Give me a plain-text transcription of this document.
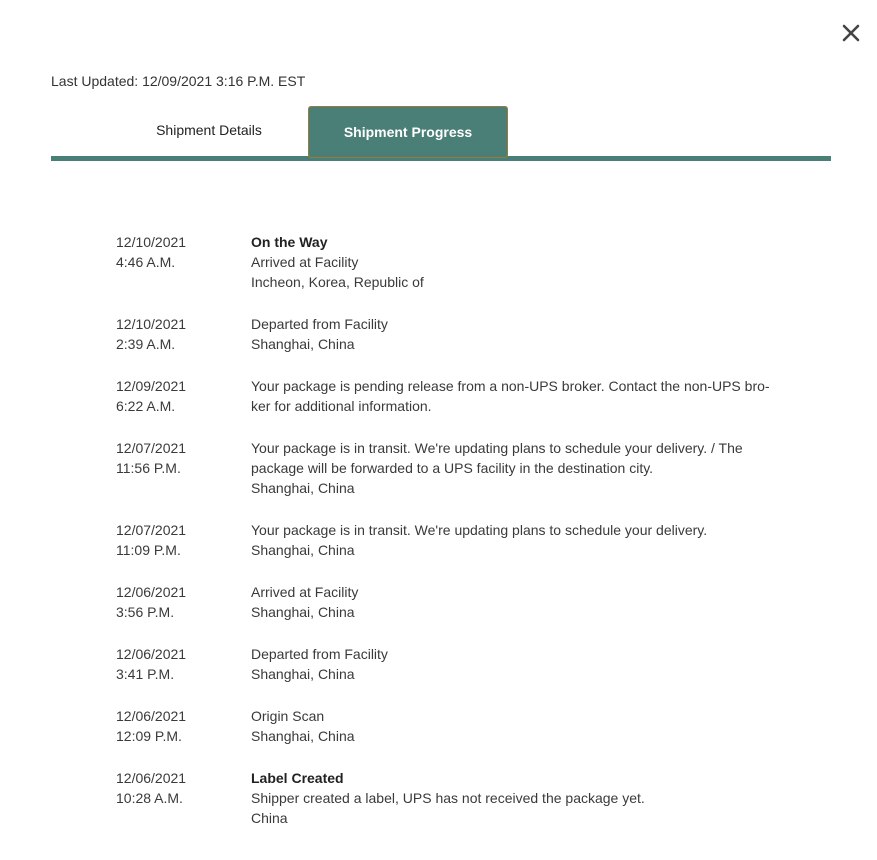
Last Updated: 12/09/2021 3:16 P.M. EST
Shipment Details	Shipment Progress
12/10/2021
4:46 A.M.
On the Way
Arrived at Facility
Incheon, Korea, Republic of
12/10/2021
2:39 A.M.
Departed from Facility
Shanghai, China
12/09/2021
6:22 A.M.
Your package is pending release from a non-UPS broker. Contact the non-UPS bro-
ker for additional information.
12/07/2021
11:56 P.M.
Your package is in transit. We're updating plans to schedule your delivery. / The
package will be forwarded to a UPS facility in the destination city.
Shanghai, China
12/07/2021
11:09 P.M.
Your package is in transit. We're updating plans to schedule your delivery.
Shanghai, China
12/06/2021
3:56 P.M.
Arrived at Facility
Shanghai, China
12/06/2021
3:41 P.M.
Departed from Facility
Shanghai, China
12/06/2021
12:09 P.M.
Origin Scan
Shanghai, China
12/06/2021
10:28 A.M.
Label Created
Shipper created a label, UPS has not received the package yet.
China
